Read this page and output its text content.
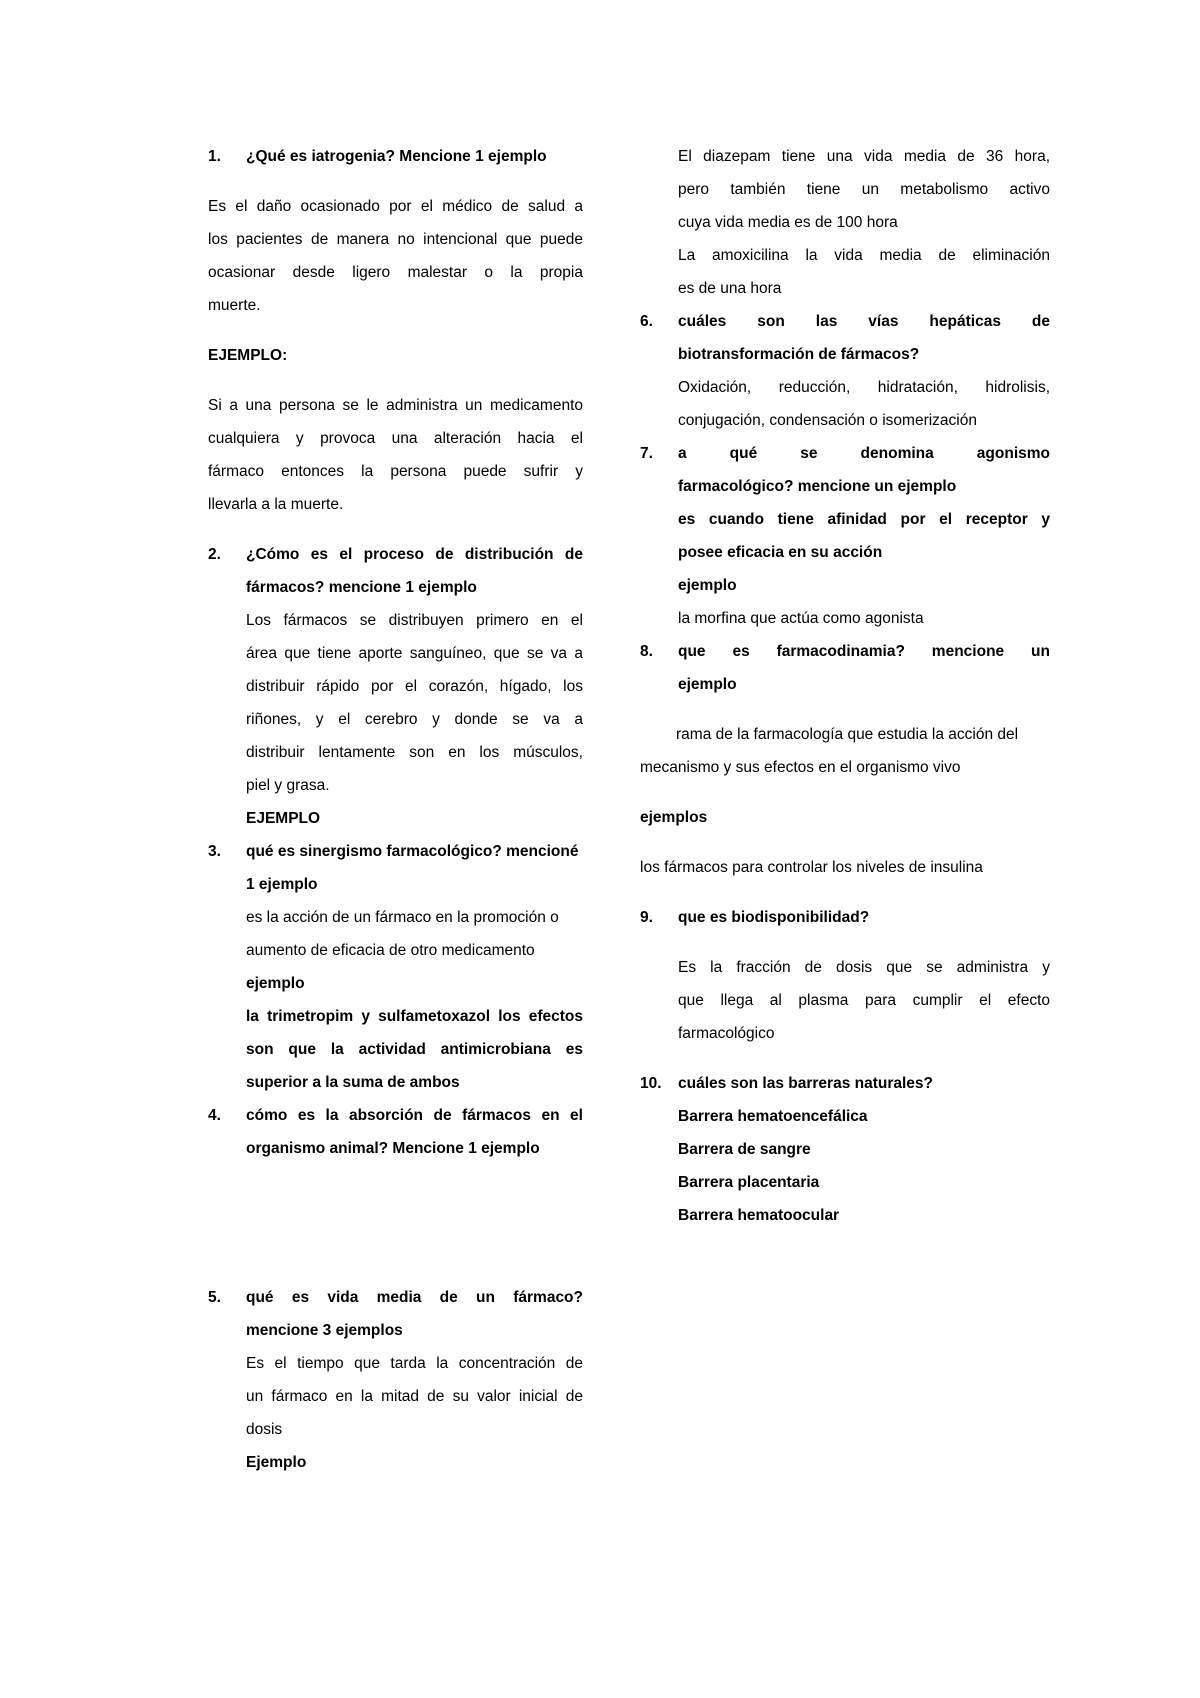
1. ¿Qué es iatrogenia? Mencione 1 ejemplo
Es el daño ocasionado por el médico de salud a
los pacientes de manera no intencional que puede
ocasionar desde ligero malestar o la propia
muerte.
EJEMPLO:
Si a una persona se le administra un medicamento
cualquiera y provoca una alteración hacia el
fármaco entonces la persona puede sufrir y
llevarla a la muerte.
2.	¿Cómo es el proceso de distribución de
fármacos? mencione 1 ejemplo
Los fármacos se distribuyen primero en el
área que tiene aporte sanguíneo, que se va a
distribuir rápido por el corazón, hígado, los
riñones, y el cerebro y donde se va a
distribuir lentamente son en los músculos,
piel y grasa.
EJEMPLO
3.	qué es sinergismo farmacológico? mencioné
1 ejemplo
es la acción de un fármaco en la promoción o
aumento de eficacia de otro medicamento
ejemplo
la trimetropim y sulfametoxazol los efectos
son que la actividad antimicrobiana es
superior a la suma de ambos
4.	cómo es la absorción de fármacos en el
organismo animal? Mencione 1 ejemplo
5.	qué es vida media de un fármaco?
mencione 3 ejemplos
Es el tiempo que tarda la concentración de
un fármaco en la mitad de su valor inicial de
dosis
Ejemplo
El diazepam tiene una vida media de 36 hora,
pero también tiene un metabolismo activo
cuya vida media es de 100 hora
La amoxicilina la vida media de eliminación
es de una hora
6.	cuáles son las vías hepáticas de
biotransformación de fármacos?
Oxidación, reducción, hidratación, hidrolisis,
conjugación, condensación o isomerización
7.	a qué se denomina agonismo
farmacológico? mencione un ejemplo
es cuando tiene afinidad por el receptor y
posee eficacia en su acción
ejemplo
la morfina que actúa como agonista
8.	que es farmacodinamia? mencione un
ejemplo
rama de la farmacología que estudia la acción del
mecanismo y sus efectos en el organismo vivo
ejemplos
los fármacos para controlar los niveles de insulina
9. que es biodisponibilidad?
Es la fracción de dosis que se administra y
que llega al plasma para cumplir el efecto
farmacológico
10. cuáles son las barreras naturales?
Barrera hematoencefálica
Barrera de sangre
Barrera placentaria
Barrera hematoocular
